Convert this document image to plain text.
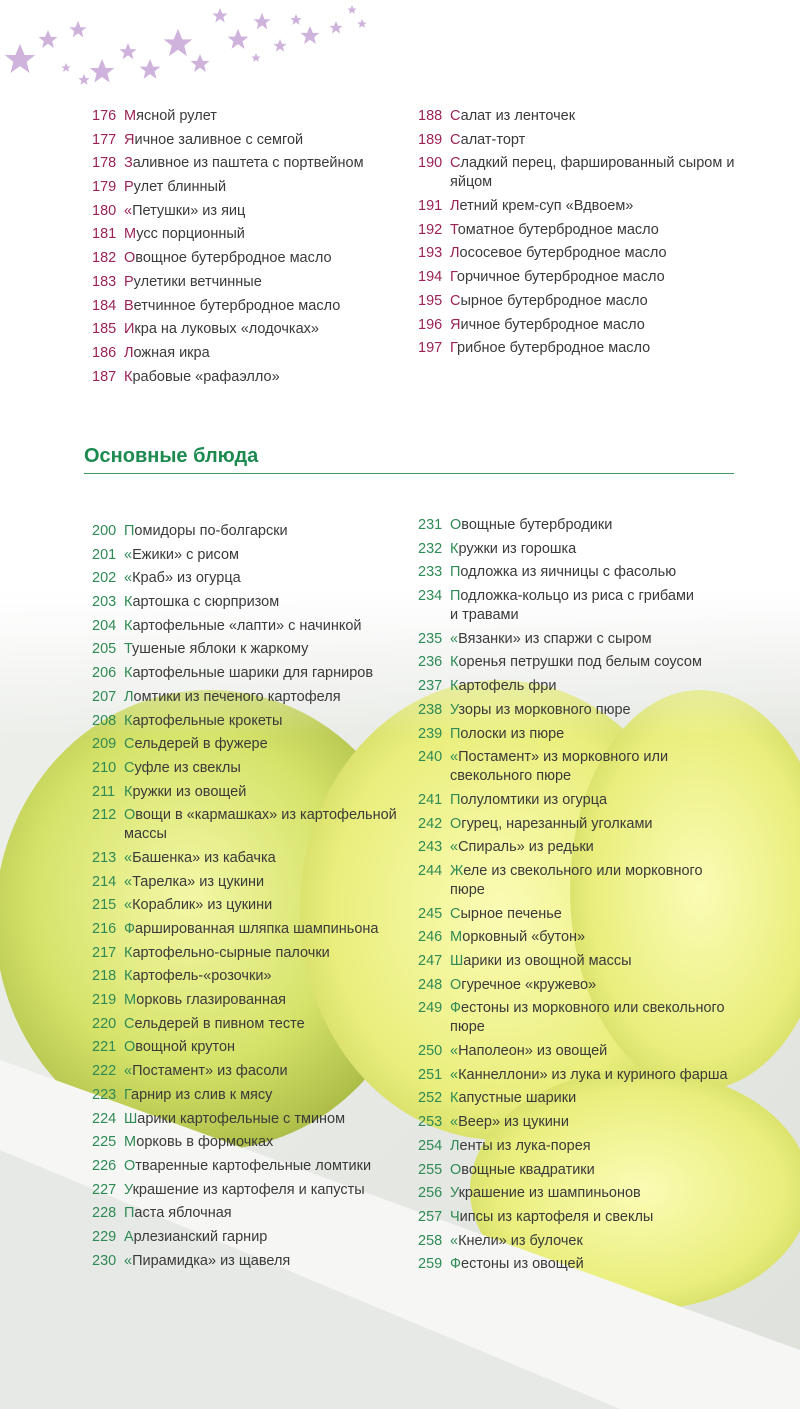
176 Мясной рулет
177 Яичное заливное с семгой
178 Заливное из паштета с портвейном
179 Рулет блинный
180 «Петушки» из яиц
181 Мусс порционный
182 Овощное бутербродное масло
183 Рулетики ветчинные
184 Ветчинное бутербродное масло
185 Икра на луковых «лодочках»
186 Ложная икра
187 Крабовые «рафаэлло»
188 Салат из ленточек
189 Салат-торт
190 Сладкий перец, фаршированный сыром и яйцом
191 Летний крем-суп «Вдвоем»
192 Томатное бутербродное масло
193 Лососевое бутербродное масло
194 Горчичное бутербродное масло
195 Сырное бутербродное масло
196 Яичное бутербродное масло
197 Грибное бутербродное масло
Основные блюда
200 Помидоры по-болгарски
201 «Ежики» с рисом
202 «Краб» из огурца
203 Картошка с сюрпризом
204 Картофельные «лапти» с начинкой
205 Тушеные яблоки к жаркому
206 Картофельные шарики для гарниров
207 Ломтики из печеного картофеля
208 Картофельные крокеты
209 Сельдерей в фужере
210 Суфле из свеклы
211 Кружки из овощей
212 Овощи в «кармашках» из картофельной массы
213 «Башенка» из кабачка
214 «Тарелка» из цукини
215 «Кораблик» из цукини
216 Фаршированная шляпка шампиньона
217 Картофельно-сырные палочки
218 Картофель-«розочки»
219 Морковь глазированная
220 Сельдерей в пивном тесте
221 Овощной крутон
222 «Постамент» из фасоли
223 Гарнир из слив к мясу
224 Шарики картофельные с тмином
225 Морковь в формочках
226 Отваренные картофельные ломтики
227 Украшение из картофеля и капусты
228 Паста яблочная
229 Арлезианский гарнир
230 «Пирамидка» из щавеля
231 Овощные бутербродики
232 Кружки из горошка
233 Подложка из яичницы с фасолью
234 Подложка-кольцо из риса с грибами и травами
235 «Вязанки» из спаржи с сыром
236 Коренья петрушки под белым соусом
237 Картофель фри
238 Узоры из морковного пюре
239 Полоски из пюре
240 «Постамент» из морковного или свекольного пюре
241 Полуломтики из огурца
242 Огурец, нарезанный уголками
243 «Спираль» из редьки
244 Желе из свекольного или морковного пюре
245 Сырное печенье
246 Морковный «бутон»
247 Шарики из овощной массы
248 Огуречное «кружево»
249 Фестоны из морковного или свекольного пюре
250 «Наполеон» из овощей
251 «Каннеллони» из лука и куриного фарша
252 Капустные шарики
253 «Веер» из цукини
254 Ленты из лука-порея
255 Овощные квадратики
256 Украшение из шампиньонов
257 Чипсы из картофеля и свеклы
258 «Кнели» из булочек
259 Фестоны из овощей
